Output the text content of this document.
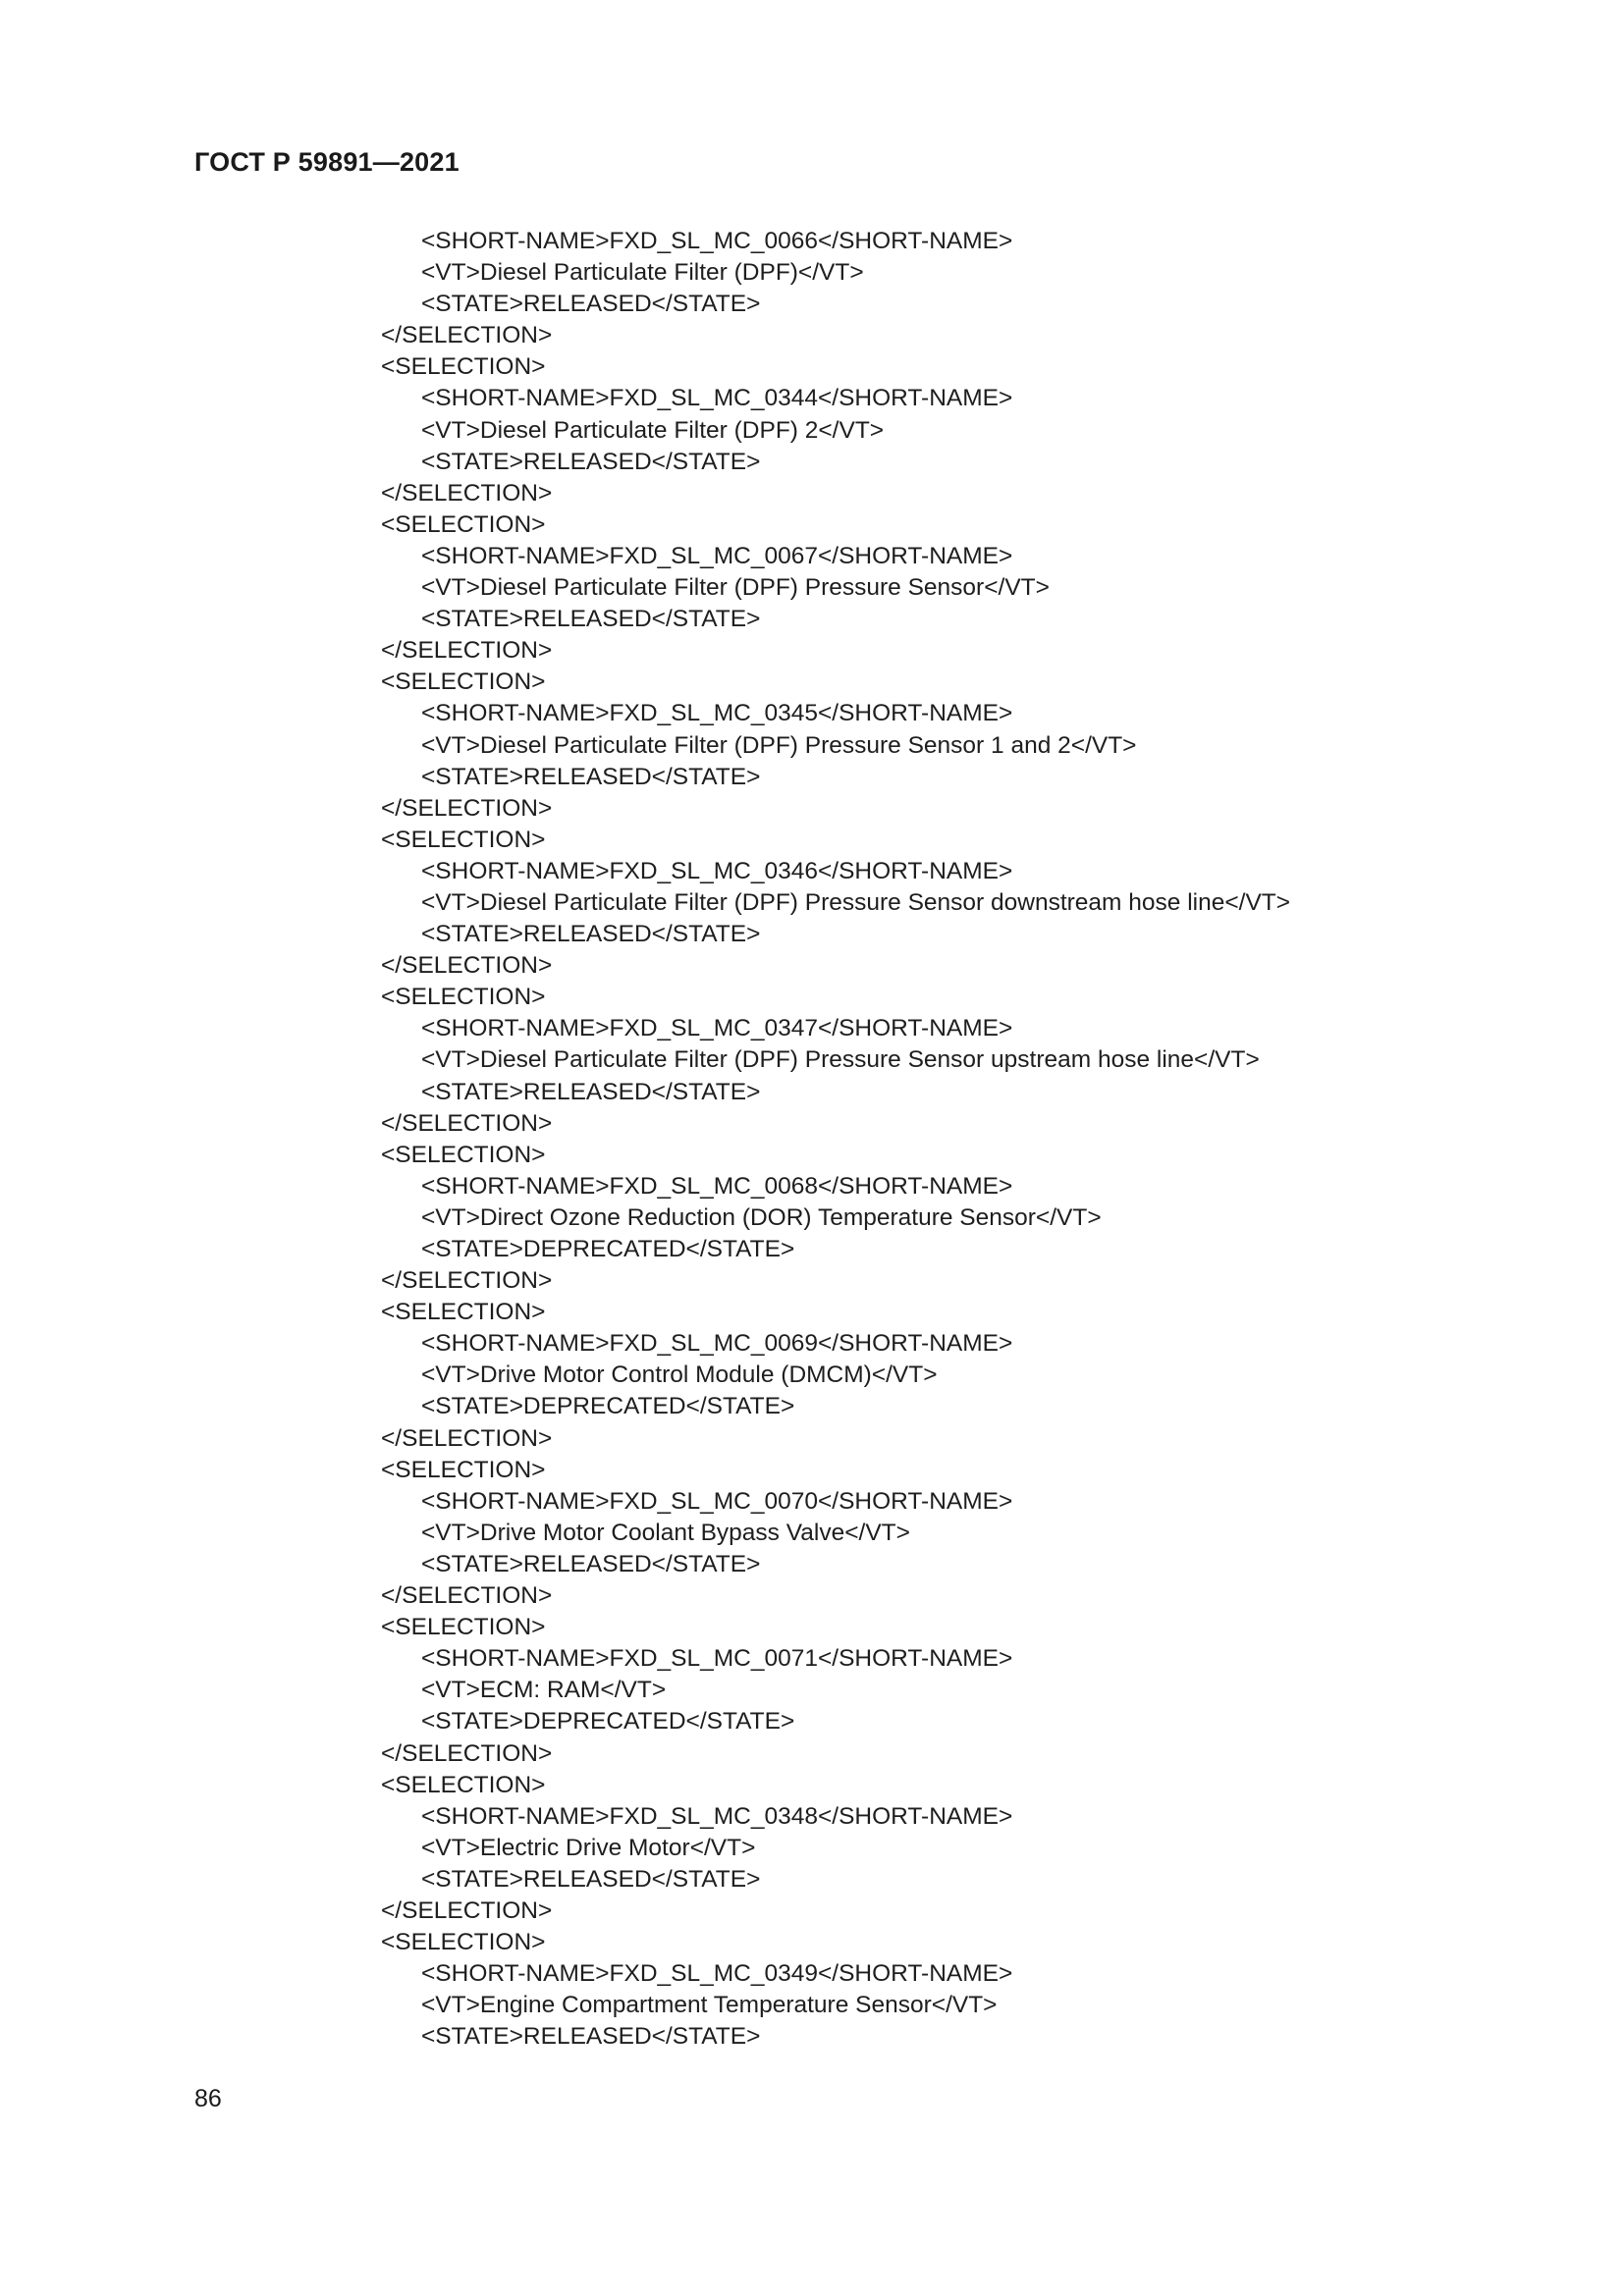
ГОСТ Р 59891—2021
<SHORT-NAME>FXD_SL_MC_0066</SHORT-NAME>
<VT>Diesel Particulate Filter (DPF)</VT>
<STATE>RELEASED</STATE>
</SELECTION>
<SELECTION>
<SHORT-NAME>FXD_SL_MC_0344</SHORT-NAME>
<VT>Diesel Particulate Filter (DPF) 2</VT>
<STATE>RELEASED</STATE>
</SELECTION>
<SELECTION>
<SHORT-NAME>FXD_SL_MC_0067</SHORT-NAME>
<VT>Diesel Particulate Filter (DPF) Pressure Sensor</VT>
<STATE>RELEASED</STATE>
</SELECTION>
<SELECTION>
<SHORT-NAME>FXD_SL_MC_0345</SHORT-NAME>
<VT>Diesel Particulate Filter (DPF) Pressure Sensor 1 and 2</VT>
<STATE>RELEASED</STATE>
</SELECTION>
<SELECTION>
<SHORT-NAME>FXD_SL_MC_0346</SHORT-NAME>
<VT>Diesel Particulate Filter (DPF) Pressure Sensor downstream hose line</VT>
<STATE>RELEASED</STATE>
</SELECTION>
<SELECTION>
<SHORT-NAME>FXD_SL_MC_0347</SHORT-NAME>
<VT>Diesel Particulate Filter (DPF) Pressure Sensor upstream hose line</VT>
<STATE>RELEASED</STATE>
</SELECTION>
<SELECTION>
<SHORT-NAME>FXD_SL_MC_0068</SHORT-NAME>
<VT>Direct Ozone Reduction (DOR) Temperature Sensor</VT>
<STATE>DEPRECATED</STATE>
</SELECTION>
<SELECTION>
<SHORT-NAME>FXD_SL_MC_0069</SHORT-NAME>
<VT>Drive Motor Control Module (DMCM)</VT>
<STATE>DEPRECATED</STATE>
</SELECTION>
<SELECTION>
<SHORT-NAME>FXD_SL_MC_0070</SHORT-NAME>
<VT>Drive Motor Coolant Bypass Valve</VT>
<STATE>RELEASED</STATE>
</SELECTION>
<SELECTION>
<SHORT-NAME>FXD_SL_MC_0071</SHORT-NAME>
<VT>ECM: RAM</VT>
<STATE>DEPRECATED</STATE>
</SELECTION>
<SELECTION>
<SHORT-NAME>FXD_SL_MC_0348</SHORT-NAME>
<VT>Electric Drive Motor</VT>
<STATE>RELEASED</STATE>
</SELECTION>
<SELECTION>
<SHORT-NAME>FXD_SL_MC_0349</SHORT-NAME>
<VT>Engine Compartment Temperature Sensor</VT>
<STATE>RELEASED</STATE>
86
